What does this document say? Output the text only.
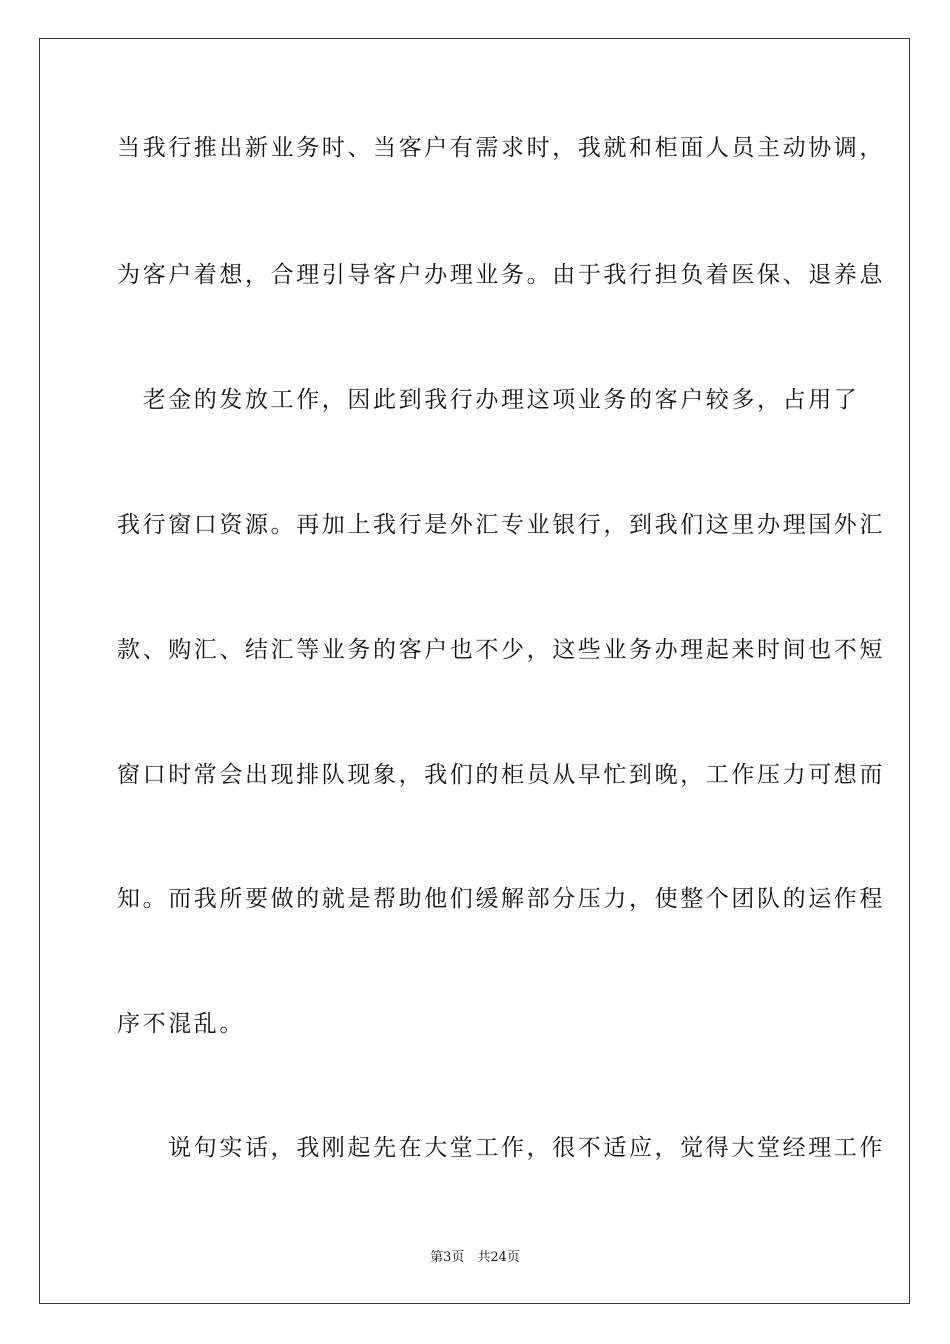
当我行推出新业务时、当客户有需求时，我就和柜面人员主动协调，
为客户着想，合理引导客户办理业务。由于我行担负着医保、退养息
　老金的发放工作，因此到我行办理这项业务的客户较多，占用了
我行窗口资源。再加上我行是外汇专业银行，到我们这里办理国外汇
款、购汇、结汇等业务的客户也不少，这些业务办理起来时间也不短
窗口时常会出现排队现象，我们的柜员从早忙到晚，工作压力可想而
知。而我所要做的就是帮助他们缓解部分压力，使整个团队的运作程
序不混乱。
　　说句实话，我刚起先在大堂工作，很不适应，觉得大堂经理工作
第3页　共24页
